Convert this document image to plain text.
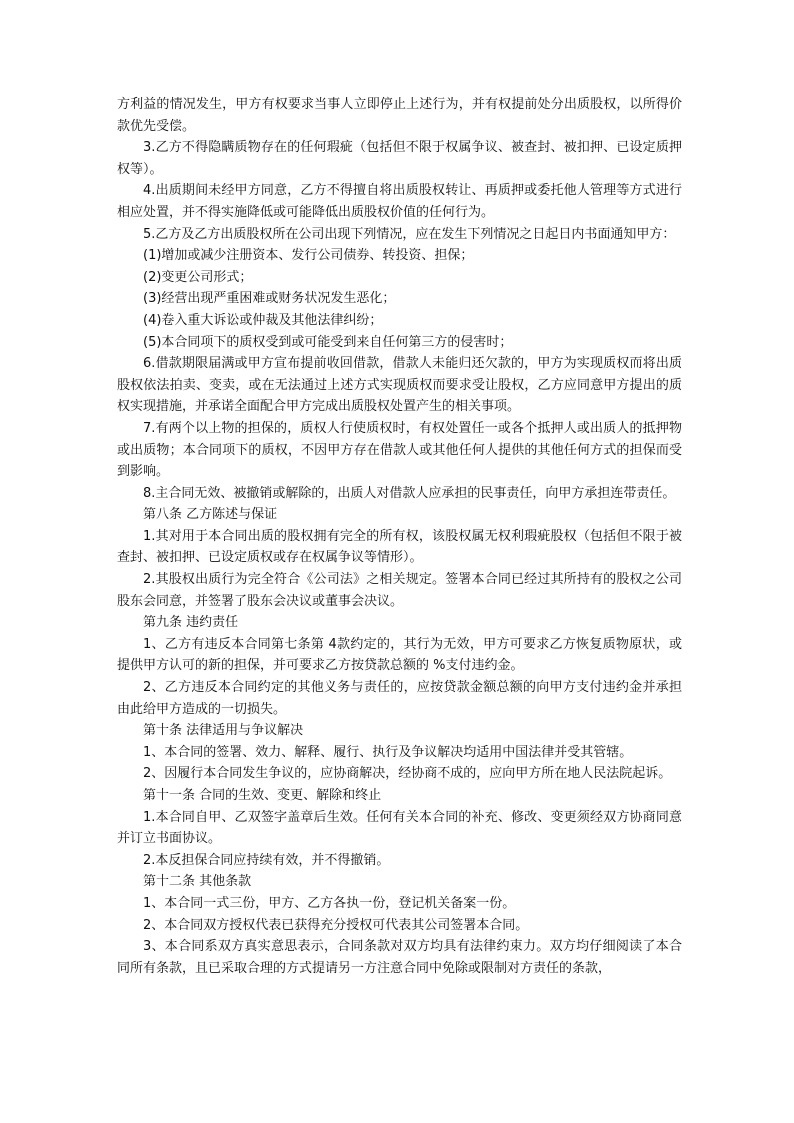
方利益的情况发生，甲方有权要求当事人立即停止上述行为，并有权提前处分出质股权，以所得价款优先受偿。

3.乙方不得隐瞒质物存在的任何瑕疵（包括但不限于权属争议、被查封、被扣押、已设定质押权等）。

4.出质期间未经甲方同意，乙方不得擅自将出质股权转让、再质押或委托他人管理等方式进行相应处置，并不得实施降低或可能降低出质股权价值的任何行为。

5.乙方及乙方出质股权所在公司出现下列情况，应在发生下列情况之日起日内书面通知甲方：

(1)增加或减少注册资本、发行公司债券、转投资、担保；

(2)变更公司形式；

(3)经营出现严重困难或财务状况发生恶化；

(4)卷入重大诉讼或仲裁及其他法律纠纷；

(5)本合同项下的质权受到或可能受到来自任何第三方的侵害时；

6.借款期限届满或甲方宣布提前收回借款，借款人未能归还欠款的，甲方为实现质权而将出质股权依法拍卖、变卖，或在无法通过上述方式实现质权而要求受让股权，乙方应同意甲方提出的质权实现措施，并承诺全面配合甲方完成出质股权处置产生的相关事项。

7.有两个以上物的担保的，质权人行使质权时，有权处置任一或各个抵押人或出质人的抵押物或出质物；本合同项下的质权，不因甲方存在借款人或其他任何人提供的其他任何方式的担保而受到影响。

8.主合同无效、被撤销或解除的，出质人对借款人应承担的民事责任，向甲方承担连带责任。

第八条 乙方陈述与保证

1.其对用于本合同出质的股权拥有完全的所有权，该股权属无权利瑕疵股权（包括但不限于被查封、被扣押、已设定质权或存在权属争议等情形）。

2.其股权出质行为完全符合《公司法》之相关规定。签署本合同已经过其所持有的股权之公司股东会同意，并签署了股东会决议或董事会决议。

第九条 违约责任

1、乙方有违反本合同第七条第 4款约定的，其行为无效，甲方可要求乙方恢复质物原状，或提供甲方认可的新的担保，并可要求乙方按贷款总额的 %支付违约金。

2、乙方违反本合同约定的其他义务与责任的，应按贷款金额总额的向甲方支付违约金并承担由此给甲方造成的一切损失。

第十条 法律适用与争议解决

1、本合同的签署、效力、解释、履行、执行及争议解决均适用中国法律并受其管辖。

2、因履行本合同发生争议的，应协商解决，经协商不成的，应向甲方所在地人民法院起诉。

第十一条 合同的生效、变更、解除和终止

1.本合同自甲、乙双签字盖章后生效。任何有关本合同的补充、修改、变更须经双方协商同意并订立书面协议。

2.本反担保合同应持续有效，并不得撤销。

第十二条 其他条款

1、本合同一式三份，甲方、乙方各执一份，登记机关备案一份。

2、本合同双方授权代表已获得充分授权可代表其公司签署本合同。

3、本合同系双方真实意思表示，合同条款对双方均具有法律约束力。双方均仔细阅读了本合同所有条款，且已采取合理的方式提请另一方注意合同中免除或限制对方责任的条款，
